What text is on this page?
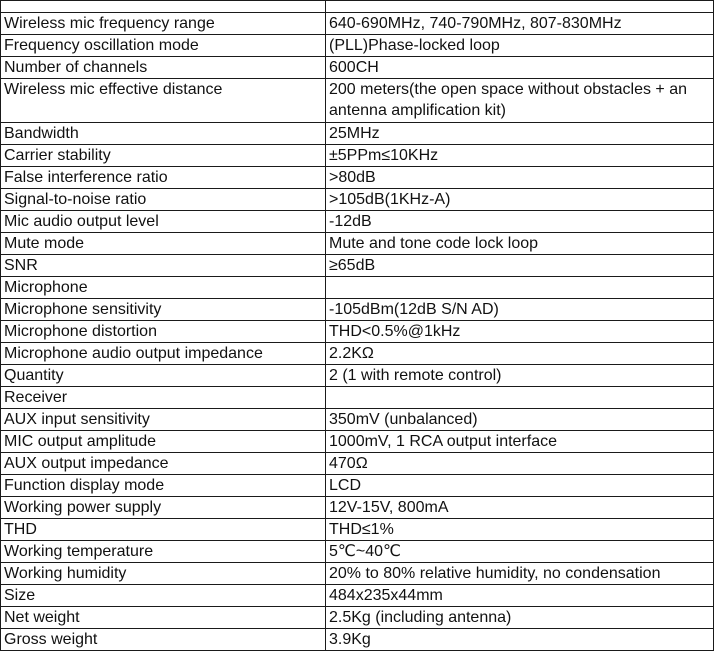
Wireless mic frequency range	640-690MHz, 740-790MHz, 807-830MHz
Frequency oscillation mode	(PLL)Phase-locked loop
Number of channels	600CH
Wireless mic effective distance	200 meters(the open space without obstacles + an antenna amplification kit)
Bandwidth	25MHz
Carrier stability	±5PPm≤10KHz
False interference ratio	>80dB
Signal-to-noise ratio	>105dB(1KHz-A)
Mic audio output level	-12dB
Mute mode	Mute and tone code lock loop
SNR	≥65dB
Microphone	
Microphone sensitivity	-105dBm(12dB S/N AD)
Microphone distortion	THD<0.5%@1kHz
Microphone audio output impedance	2.2KΩ
Quantity	2 (1 with remote control)
Receiver	
AUX input sensitivity	350mV (unbalanced)
MIC output amplitude	1000mV, 1 RCA output interface
AUX output impedance	470Ω
Function display mode	LCD
Working power supply	12V-15V, 800mA
THD	THD≤1%
Working temperature	5℃~40℃
Working humidity	20% to 80% relative humidity, no condensation
Size	484x235x44mm
Net weight	2.5Kg (including antenna)
Gross weight	3.9Kg
